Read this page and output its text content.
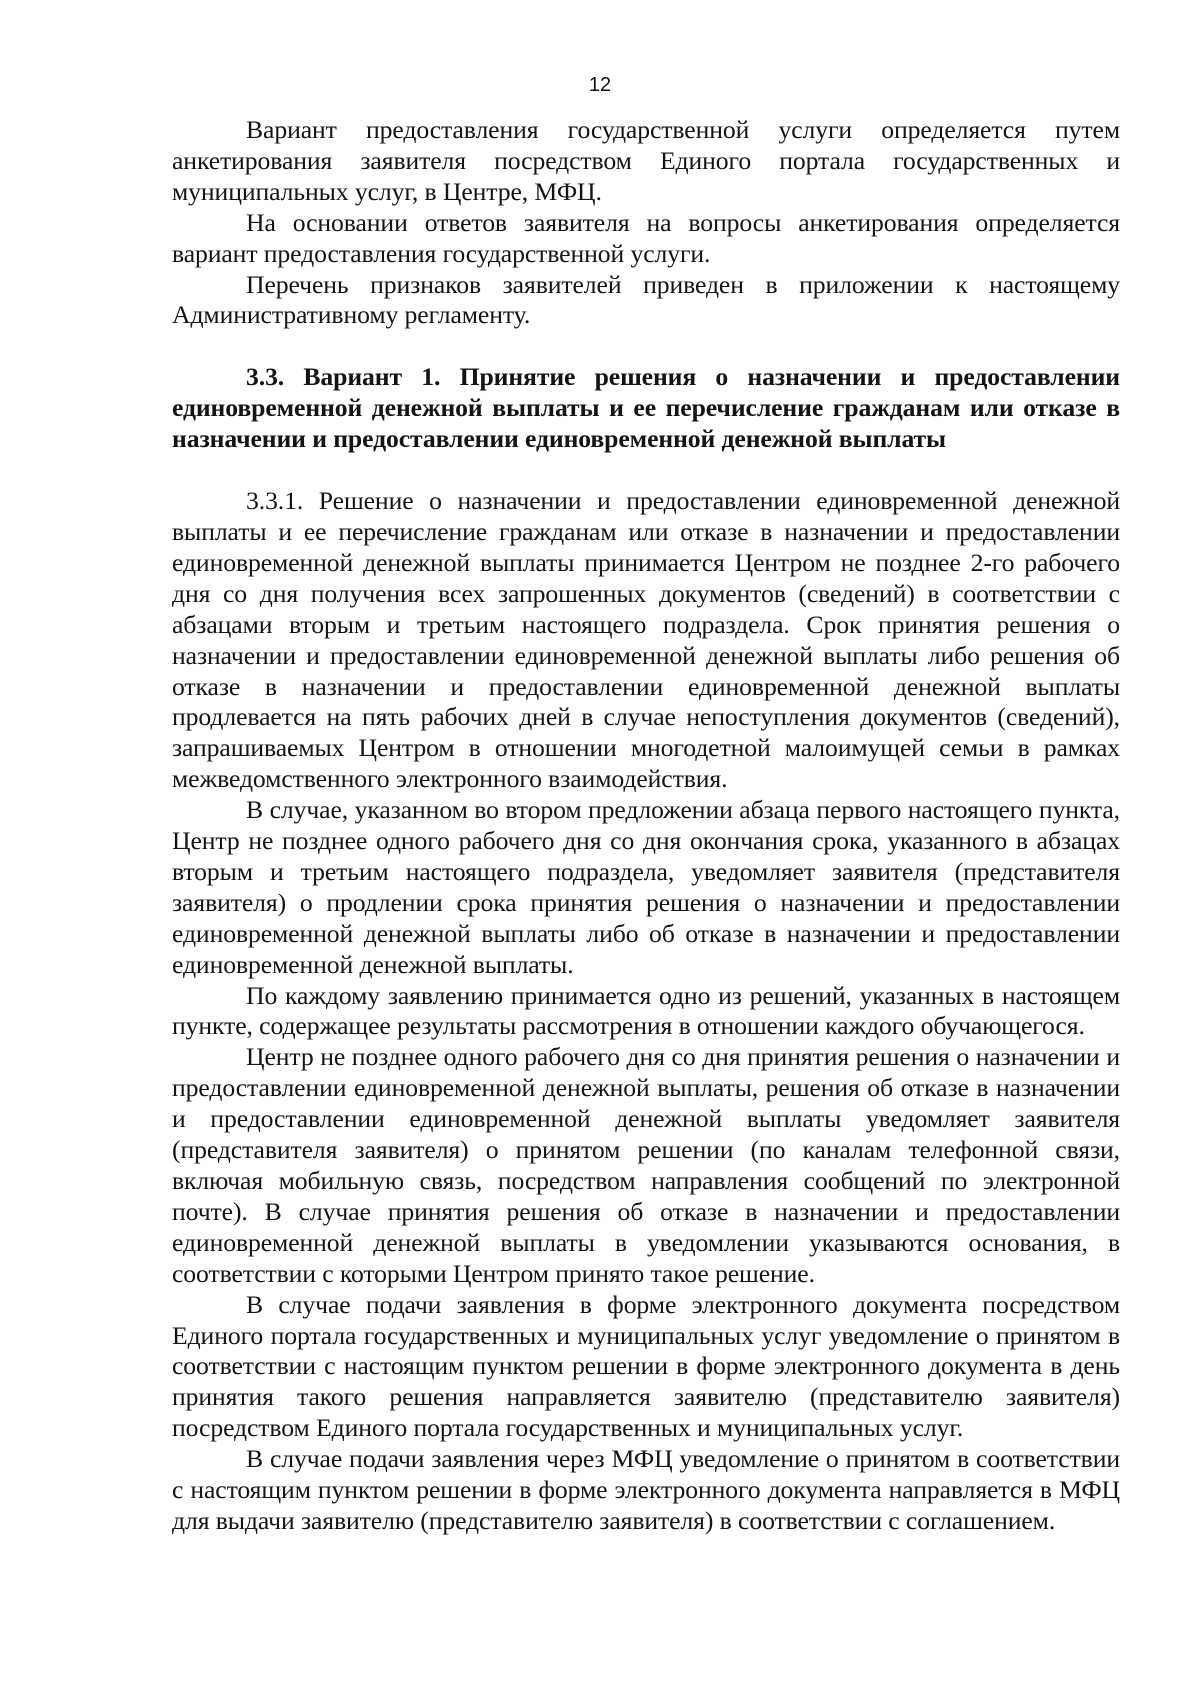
12

Вариант предоставления государственной услуги определяется путем анкетирования заявителя посредством Единого портала государственных и муниципальных услуг, в Центре, МФЦ.

На основании ответов заявителя на вопросы анкетирования определяется вариант предоставления государственной услуги.

Перечень признаков заявителей приведен в приложении к настоящему Административному регламенту.

3.3. Вариант 1. Принятие решения о назначении и предоставлении единовременной денежной выплаты и ее перечисление гражданам или отказе в назначении и предоставлении единовременной денежной выплаты

3.3.1. Решение о назначении и предоставлении единовременной денежной выплаты и ее перечисление гражданам или отказе в назначении и предоставлении единовременной денежной выплаты принимается Центром не позднее 2-го рабочего дня со дня получения всех запрошенных документов (сведений) в соответствии с абзацами вторым и третьим настоящего подраздела. Срок принятия решения о назначении и предоставлении единовременной денежной выплаты либо решения об отказе в назначении и предоставлении единовременной денежной выплаты продлевается на пять рабочих дней в случае непоступления документов (сведений), запрашиваемых Центром в отношении многодетной малоимущей семьи в рамках межведомственного электронного взаимодействия.

В случае, указанном во втором предложении абзаца первого настоящего пункта, Центр не позднее одного рабочего дня со дня окончания срока, указанного в абзацах вторым и третьим настоящего подраздела, уведомляет заявителя (представителя заявителя) о продлении срока принятия решения о назначении и предоставлении единовременной денежной выплаты либо об отказе в назначении и предоставлении единовременной денежной выплаты.

По каждому заявлению принимается одно из решений, указанных в настоящем пункте, содержащее результаты рассмотрения в отношении каждого обучающегося.

Центр не позднее одного рабочего дня со дня принятия решения о назначении и предоставлении единовременной денежной выплаты, решения об отказе в назначении и предоставлении единовременной денежной выплаты уведомляет заявителя (представителя заявителя) о принятом решении (по каналам телефонной связи, включая мобильную связь, посредством направления сообщений по электронной почте). В случае принятия решения об отказе в назначении и предоставлении единовременной денежной выплаты в уведомлении указываются основания, в соответствии с которыми Центром принято такое решение.

В случае подачи заявления в форме электронного документа посредством Единого портала государственных и муниципальных услуг уведомление о принятом в соответствии с настоящим пунктом решении в форме электронного документа в день принятия такого решения направляется заявителю (представителю заявителя) посредством Единого портала государственных и муниципальных услуг.

В случае подачи заявления через МФЦ уведомление о принятом в соответствии с настоящим пунктом решении в форме электронного документа направляется в МФЦ для выдачи заявителю (представителю заявителя) в соответствии с соглашением.
